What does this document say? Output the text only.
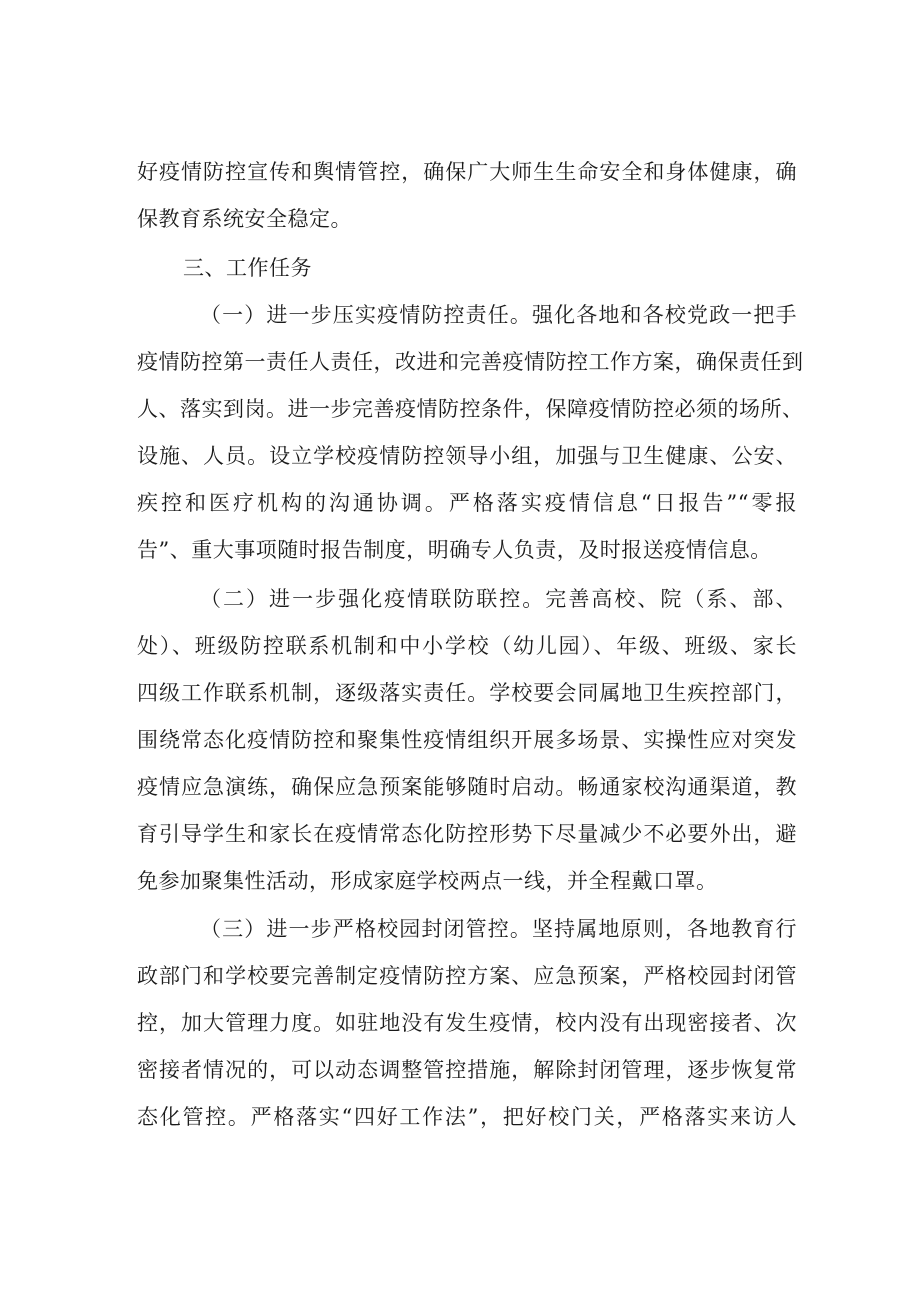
好疫情防控宣传和舆情管控，确保广大师生生命安全和身体健康，确
保教育系统安全稳定。
三、工作任务
（一）进一步压实疫情防控责任。强化各地和各校党政一把手
疫情防控第一责任人责任，改进和完善疫情防控工作方案，确保责任到
人、落实到岗。进一步完善疫情防控条件，保障疫情防控必须的场所、
设施、人员。设立学校疫情防控领导小组，加强与卫生健康、公安、
疾控和医疗机构的沟通协调。严格落实疫情信息“日报告”“零报
告”、重大事项随时报告制度，明确专人负责，及时报送疫情信息。
（二）进一步强化疫情联防联控。完善高校、院（系、部、
处）、班级防控联系机制和中小学校（幼儿园）、年级、班级、家长
四级工作联系机制，逐级落实责任。学校要会同属地卫生疾控部门，
围绕常态化疫情防控和聚集性疫情组织开展多场景、实操性应对突发
疫情应急演练，确保应急预案能够随时启动。畅通家校沟通渠道，教
育引导学生和家长在疫情常态化防控形势下尽量减少不必要外出，避
免参加聚集性活动，形成家庭学校两点一线，并全程戴口罩。
（三）进一步严格校园封闭管控。坚持属地原则，各地教育行
政部门和学校要完善制定疫情防控方案、应急预案，严格校园封闭管
控，加大管理力度。如驻地没有发生疫情，校内没有出现密接者、次
密接者情况的，可以动态调整管控措施，解除封闭管理，逐步恢复常
态化管控。严格落实“四好工作法”，把好校门关，严格落实来访人
